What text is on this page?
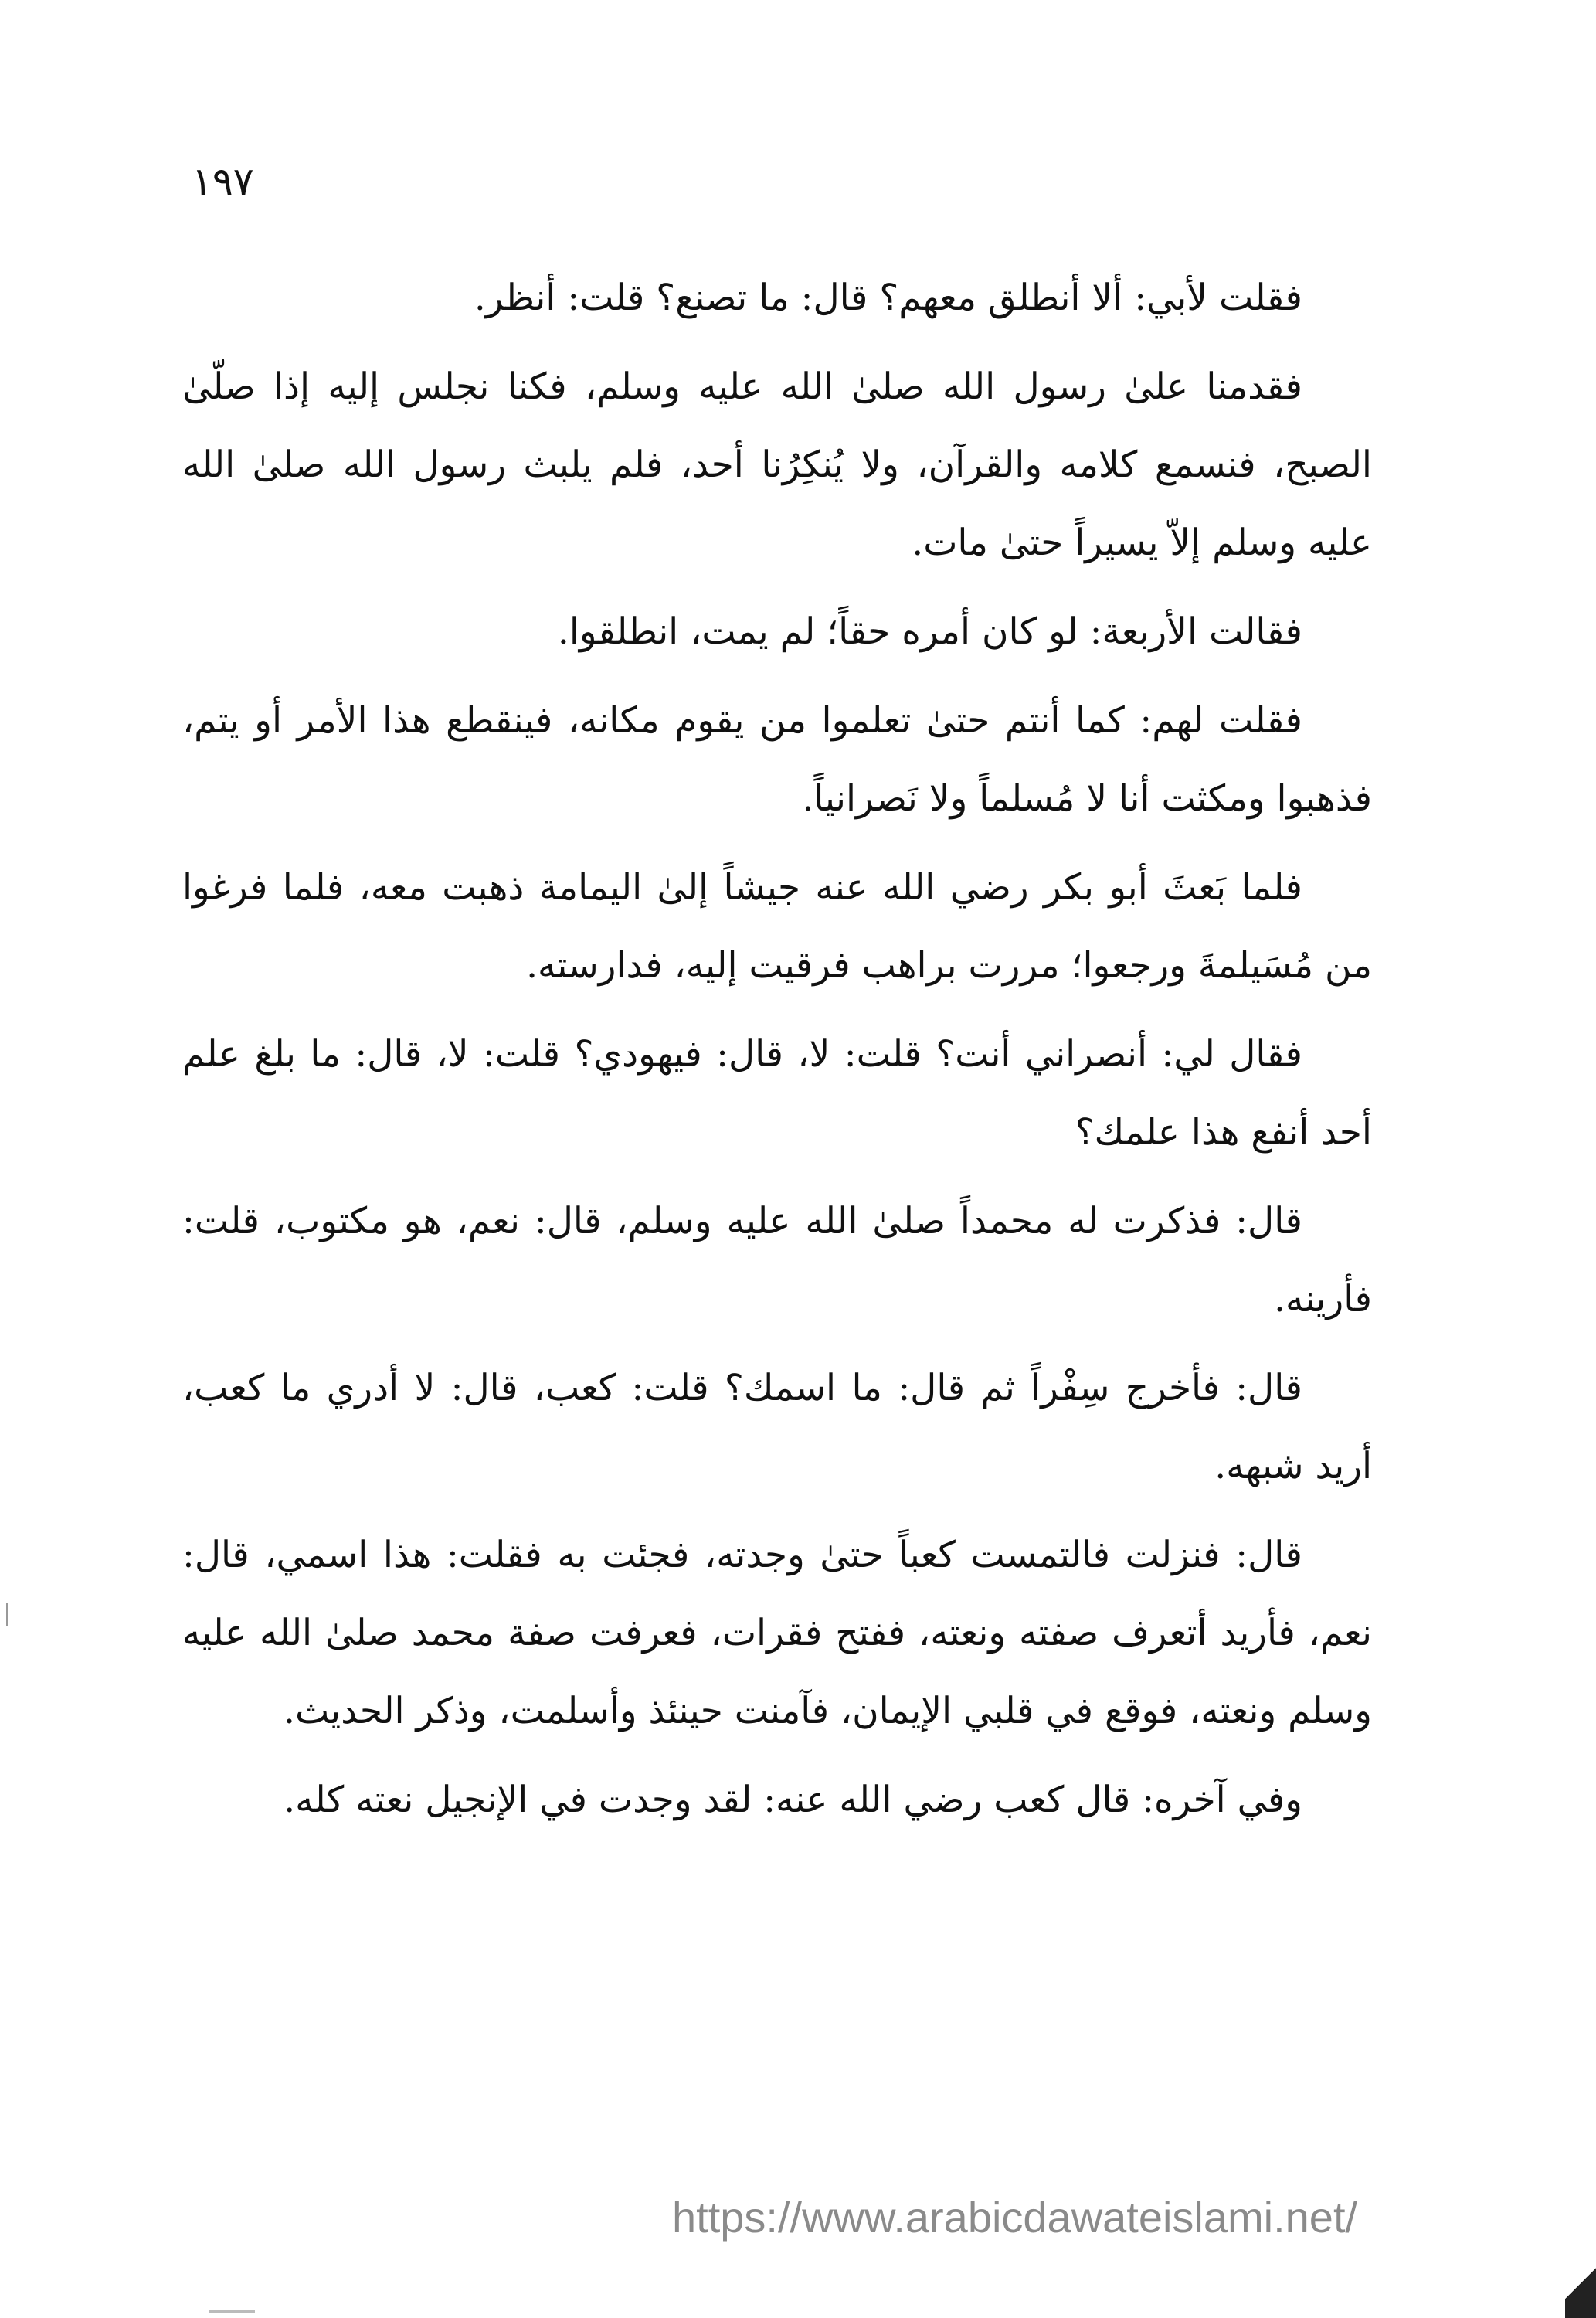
١٩٧

فقلت لأبي: ألا أنطلق معهم؟ قال: ما تصنع؟ قلت: أنظر.

فقدمنا علىٰ رسول الله صلىٰ الله عليه وسلم، فكنا نجلس إليه إذا صلّىٰ الصبح، فنسمع كلامه والقرآن، ولا يُنكِرُنا أحد، فلم يلبث رسول الله صلىٰ الله عليه وسلم إلاّ يسيراً حتىٰ مات.

فقالت الأربعة: لو كان أمره حقاً؛ لم يمت، انطلقوا.

فقلت لهم: كما أنتم حتىٰ تعلموا من يقوم مكانه، فينقطع هذا الأمر أو يتم، فذهبوا ومكثت أنا لا مُسلماً ولا نَصرانياً.

فلما بَعثَ أبو بكر رضي الله عنه جيشاً إلىٰ اليمامة ذهبت معه، فلما فرغوا من مُسَيلمةَ ورجعوا؛ مررت براهب فرقيت إليه، فدارسته.

فقال لي: أنصراني أنت؟ قلت: لا، قال: فيهودي؟ قلت: لا، قال: ما بلغ علم أحد أنفع هذا علمك؟

قال: فذكرت له محمداً صلىٰ الله عليه وسلم، قال: نعم، هو مكتوب، قلت: فأرينه.

قال: فأخرج سِفْراً ثم قال: ما اسمك؟ قلت: كعب، قال: لا أدري ما كعب، أريد شبهه.

قال: فنزلت فالتمست كعباً حتىٰ وجدته، فجئت به فقلت: هذا اسمي، قال: نعم، فأريد أتعرف صفته ونعته، ففتح فقرات، فعرفت صفة محمد صلىٰ الله عليه وسلم ونعته، فوقع في قلبي الإيمان، فآمنت حينئذ وأسلمت، وذكر الحديث.

وفي آخره: قال كعب رضي الله عنه: لقد وجدت في الإنجيل نعته كله.

https://www.arabicdawateislami.net/
